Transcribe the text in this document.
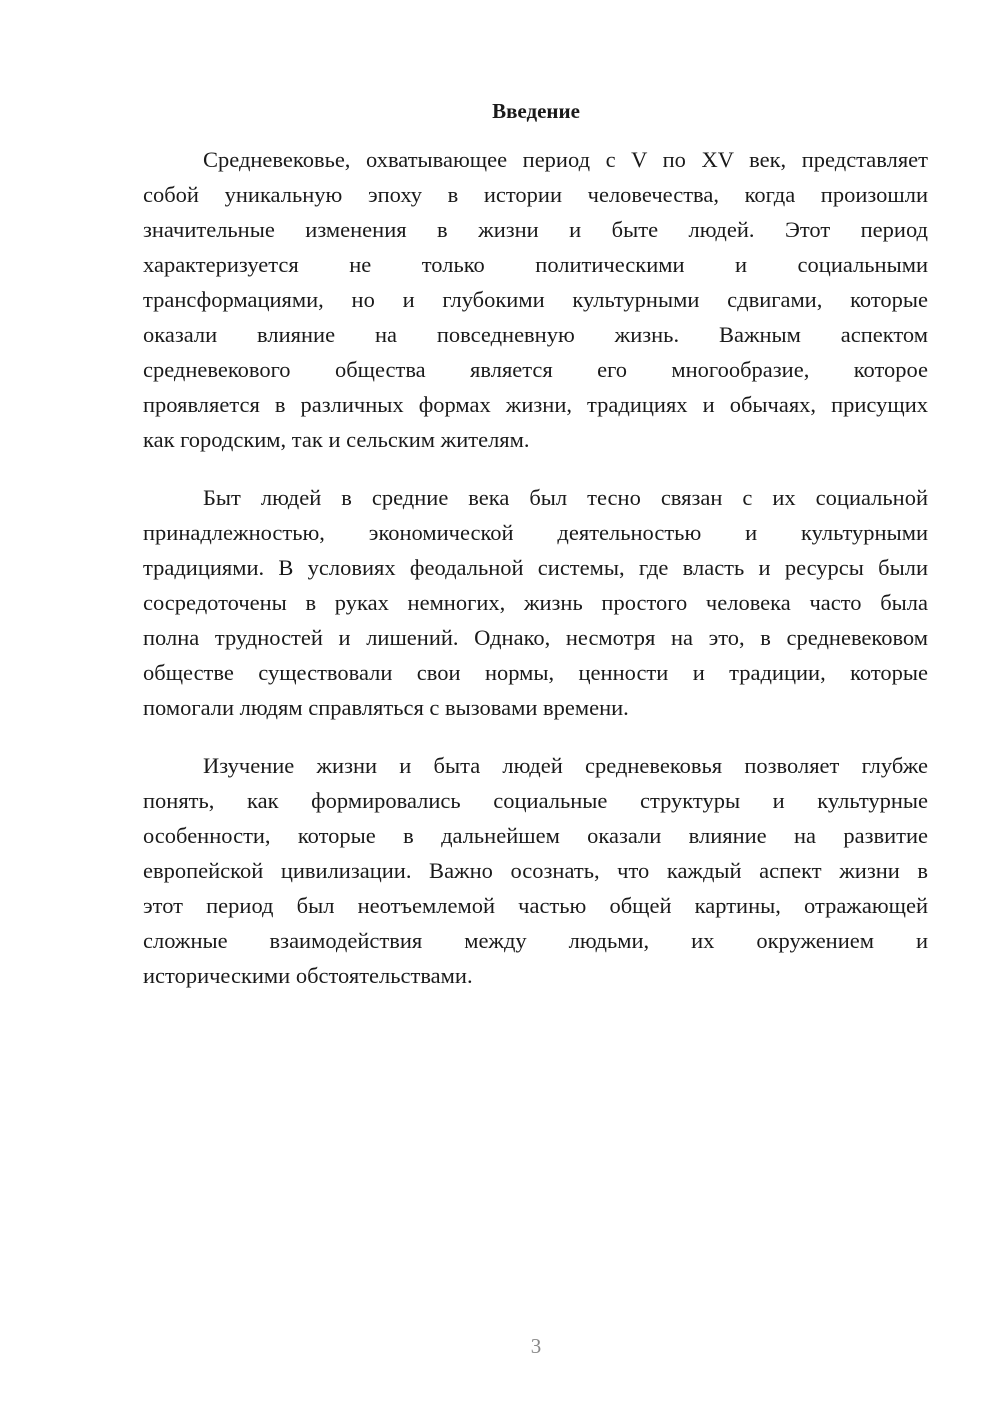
Введение
Средневековье, охватывающее период с V по XV век, представляет
собой уникальную эпоху в истории человечества, когда произошли
значительные изменения в жизни и быте людей. Этот период
характеризуется не только политическими и социальными
трансформациями, но и глубокими культурными сдвигами, которые
оказали влияние на повседневную жизнь. Важным аспектом
средневекового общества является его многообразие, которое
проявляется в различных формах жизни, традициях и обычаях, присущих
как городским, так и сельским жителям.
Быт людей в средние века был тесно связан с их социальной
принадлежностью, экономической деятельностью и культурными
традициями. В условиях феодальной системы, где власть и ресурсы были
сосредоточены в руках немногих, жизнь простого человека часто была
полна трудностей и лишений. Однако, несмотря на это, в средневековом
обществе существовали свои нормы, ценности и традиции, которые
помогали людям справляться с вызовами времени.
Изучение жизни и быта людей средневековья позволяет глубже
понять, как формировались социальные структуры и культурные
особенности, которые в дальнейшем оказали влияние на развитие
европейской цивилизации. Важно осознать, что каждый аспект жизни в
этот период был неотъемлемой частью общей картины, отражающей
сложные взаимодействия между людьми, их окружением и
историческими обстоятельствами.
3
